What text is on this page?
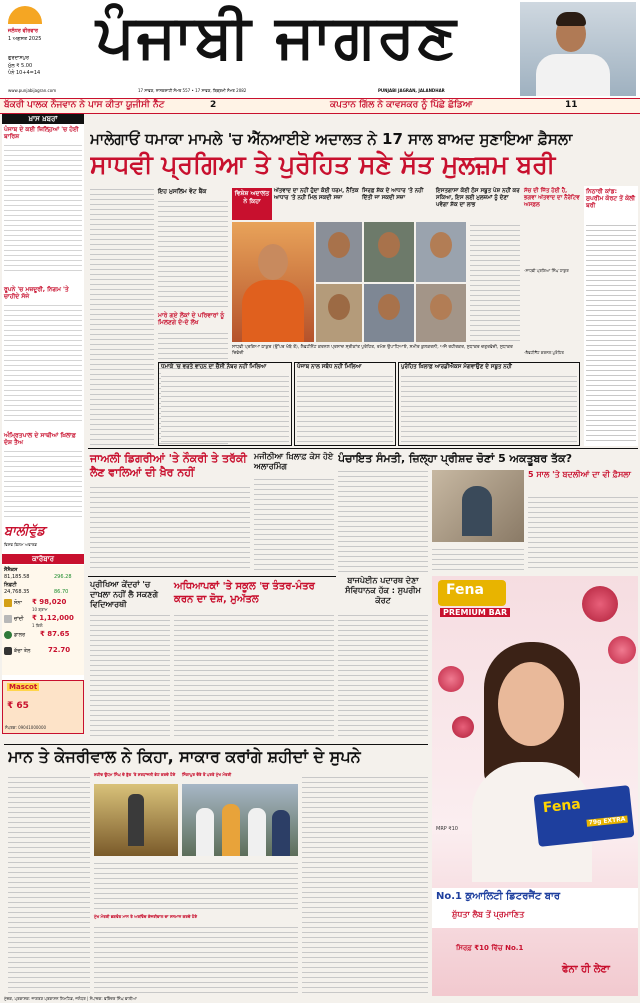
ਜਲੰਧਰ ਵੀਰਵਾਰ
1 ਅਗਸਤ 2025
ਗੁਰਦਾਸਪੁਰ
ਮੁੱਲ ₹ 5.00
ਪੰਨੇ 10+4=14
ਪੰਜਾਬੀ ਜਾਗਰਣ
www.punjabijagran.com	17 ਸਾਵਣ, ਨਾਨਕਸ਼ਾਹੀ ਸੰਮਤ 557 • 17 ਸਾਵਣ, ਬਿਕ੍ਰਮੀ ਸੰਮਤ 2082	PUNJABI JAGRAN, JALANDHAR
ਬੱਕਰੀ ਪਾਲਕ ਨੌਜਵਾਨ ਨੇ ਪਾਸ ਕੀਤਾ ਯੂਜੀਸੀ ਨੈੱਟ	2	ਕਪਤਾਨ ਗਿੱਲ ਨੇ ਕਾਵਸਕਰ ਨੂੰ ਪਿੱਛੇ ਛੱਡਿਆ	11
ਖ਼ਾਸ ਖ਼ਬਰਾਂ
ਪੰਜਾਬ ਦੇ ਕਈ ਜ਼ਿਲ੍ਹਿਆਂ 'ਚ ਹੋਈ ਬਾਰਿਸ਼
ਰੂਪਨੇ 'ਚ ਮਜ਼ਦੂਰੀ, ਨਿਗਮ 'ਤੇ ਚਾਹੀਦੇ ਸੱਜੇ
ਅੰਮ੍ਰਿਤਪਾਲ ਦੇ ਸਾਥੀਆਂ ਖ਼ਿਲਾਫ਼ ਦੋਸ਼ ਤੈਅ
ਬਾਲੀਵੁੱਡ
ਵਿਸ਼ਵ ਫ਼ਿਲਮ ਅਵਾਰਡ
ਕਾਰੋਬਾਰ
ਸੈਂਸੈਕਸ
81,185.58	296.28
ਨਿਫ਼ਟੀ
24,768.35	86.70
ਸੋਨਾ ₹ 98,020
10 ਗ੍ਰਾਮ
ਚਾਂਦੀ ₹ 1,12,000
1 ਕਿਲੋ
ਡਾਲਰ ₹ 87.65
ਕੱਚਾ ਤੇਲ	72.70
Mascot
₹ 65
ਸੰਪਰਕ: 09041000000
ਮਾਲੇਗਾਓਂ ਧਮਾਕਾ ਮਾਮਲੇ 'ਚ ਐੱਨਆਈਏ ਅਦਾਲਤ ਨੇ 17 ਸਾਲ ਬਾਅਦ ਸੁਣਾਇਆ ਫ਼ੈਸਲਾ
ਸਾਧਵੀ ਪ੍ਰਗਿਆ ਤੇ ਪੁਰੋਹਿਤ ਸਣੇ ਸੱਤ ਮੁਲਜ਼ਮ ਬਰੀ
ਇਹ ਮੁਸਲਿਮ ਵੋਟ ਬੈਂਕ
ਮਾਰੇ ਗਏ ਲੋਕਾਂ ਦੇ ਪਰਿਵਾਰਾਂ ਨੂੰ ਮਿਲਣਗੇ ਦੋ-ਦੋ ਲੱਖ
ਵਿਸ਼ੇਸ਼ ਅਦਾਲਤ ਨੇ ਕਿਹਾ
ਅੱਤਵਾਦ ਦਾ ਨਹੀਂ ਹੁੰਦਾ ਕੋਈ ਧਰਮ, ਨੈਤਿਕ ਆਧਾਰ 'ਤੇ ਨਹੀਂ ਮਿਲ ਸਕਦੀ ਸਜ਼ਾ
ਸਿਰਫ਼ ਸ਼ੱਕ ਦੇ ਆਧਾਰ 'ਤੇ ਨਹੀਂ ਦਿੱਤੀ ਜਾ ਸਕਦੀ ਸਜ਼ਾ
ਇਸਤਗਾਸਾ ਕੋਈ ਠੋਸ ਸਬੂਤ ਪੇਸ਼ ਨਹੀਂ ਕਰ ਸਕਿਆ, ਇਸ ਲਈ ਮੁਲਜ਼ਮਾਂ ਨੂੰ ਦੇਣਾ ਪਵੇਗਾ ਸ਼ੱਕ ਦਾ ਲਾਭ
ਸਾਧਵੀ ਪ੍ਰਗਿਆ ਠਾਕੁਰ (ਉੱਪਰ ਖੱਬੇ ਤੋਂ), ਲੈਫਟੀਨੈਂਟ ਕਰਨਲ ਪ੍ਰਸਾਦ ਸ੍ਰੀਕਾਂਤ ਪੁਰੋਹਿਤ, ਰਮੇਸ਼ ਉਪਾਧਿਆਏ, ਸਮੀਰ ਕੁਲਕਰਨੀ, ਅਜੈ ਰਹੀਰਕਰ, ਸੁਧਾਕਰ ਚਤੁਰਵੇਦੀ, ਸੁਧਾਕਰ ਦਿਵੇਦੀ
ਸੱਚ ਦੀ ਜਿੱਤ ਹੋਈ ਹੈ, ਭਗਵਾ ਅੱਤਵਾਦ ਦਾ ਨੈਰੇਟਿਵ ਅਸਫ਼ਲ
-ਸਾਧਵੀ ਪ੍ਰਗਿਆ ਸਿੰਘ ਠਾਕੁਰ
-ਲੈਫਟੀਨੈਂਟ ਕਰਨਲ ਪੁਰੋਹਿਤ
ਧਮਾਕੇ 'ਚ ਵਰਤੇ ਵਾਹਨ ਦਾ ਚੈਸੀ ਨੰਬਰ ਨਹੀਂ ਮਿਲਿਆ	ਪੰਜਾਬ ਨਾਲ ਸਬੰਧ ਨਹੀਂ ਮਿਲਿਆ	ਪੁਰੋਹਿਤ ਖ਼ਿਲਾਫ਼ ਆਰਡੀਐਕਸ ਮੰਗਵਾਉਣ ਦੇ ਸਬੂਤ ਨਹੀਂ
ਨਿਠਾਰੀ ਕਾਂਡ: ਸੁਪਰੀਮ ਕੋਰਟ ਤੋਂ ਕੋਲੀ ਬਰੀ
ਜਾਅਲੀ ਡਿਗਰੀਆਂ 'ਤੇ ਨੌਕਰੀ ਤੇ ਤਰੱਕੀ ਲੈਣ ਵਾਲਿਆਂ ਦੀ ਖ਼ੈਰ ਨਹੀਂ
ਮਜੀਠੀਆ ਖ਼ਿਲਾਫ਼ ਕੇਸ ਹੋਏ ਅਲਾਰਮਿੰਗ
ਪੰਚਾਇਤ ਸੰਮਤੀ, ਜ਼ਿਲ੍ਹਾ ਪ੍ਰੀਸ਼ਦ ਚੋਣਾਂ 5 ਅਕਤੂਬਰ ਤੱਕ?
5 ਸਾਲ 'ਤੇ ਬਦਲੀਆਂ ਦਾ ਵੀ ਫ਼ੈਸਲਾ
ਪ੍ਰੀਖਿਆ ਕੇਂਦਰਾਂ 'ਚ ਦਾਖ਼ਲਾ ਨਹੀਂ ਲੈ ਸਕਣਗੇ ਵਿਦਿਆਰਥੀ
ਅਧਿਆਪਕਾਂ 'ਤੇ ਸਕੂਲ 'ਚ ਤੰਤਰ-ਮੰਤਰ ਕਰਨ ਦਾ ਦੋਸ਼, ਮੁਅੱਤਲ
ਬਾਜਪੇਈਨ ਪਦਾਰਥ ਦੇਣਾ ਸੰਵਿਧਾਨਕ ਹੱਕ : ਸੁਪਰੀਮ ਕੋਰਟ
Fena
PREMIUM BAR
Fena
79g EXTRA
MRP ₹10
No.1 ਕੁਆਲਿਟੀ ਡਿਟਰਜੈਂਟ ਬਾਰ
ਸ਼ੁੱਧਤਾ ਲੈਬ ਤੋਂ ਪ੍ਰਮਾਣਿਤ
ਸਿਰਫ਼ ₹10 ਵਿੱਚ No.1
ਫੇਨਾ ਹੀ ਲੇਣਾ
ਮਾਨ ਤੇ ਕੇਜਰੀਵਾਲ ਨੇ ਕਿਹਾ, ਸਾਕਾਰ ਕਰਾਂਗੇ ਸ਼ਹੀਦਾਂ ਦੇ ਸੁਪਨੇ
ਸ਼ਹੀਦ ਊਧਮ ਸਿੰਘ ਦੇ ਬੁੱਤ 'ਤੇ ਸ਼ਰਧਾਂਜਲੀ ਭੇਟ ਕਰਦੇ ਹੋਏ	ਸਿੰਗਾਪੁਰ ਦੌਰੇ ਤੋਂ ਪਰਤੇ ਮੁੱਖ ਮੰਤਰੀ
ਮੁੱਖ ਮੰਤਰੀ ਭਗਵੰਤ ਮਾਨ ਤੇ ਅਰਵਿੰਦ ਕੇਜਰੀਵਾਲ ਦਾ ਸਨਮਾਨ ਕਰਦੇ ਹੋਏ
ਮੁੱਦਕ, ਪ੍ਰਕਾਸ਼ਕ: ਜਾਗਰਣ ਪ੍ਰਕਾਸ਼ਨ ਲਿਮਟਿਡ, ਜਲੰਧਰ | ਸੰਪਾਦਕ: ਵਰਿੰਦਰ ਸਿੰਘ ਵਾਲੀਆ
